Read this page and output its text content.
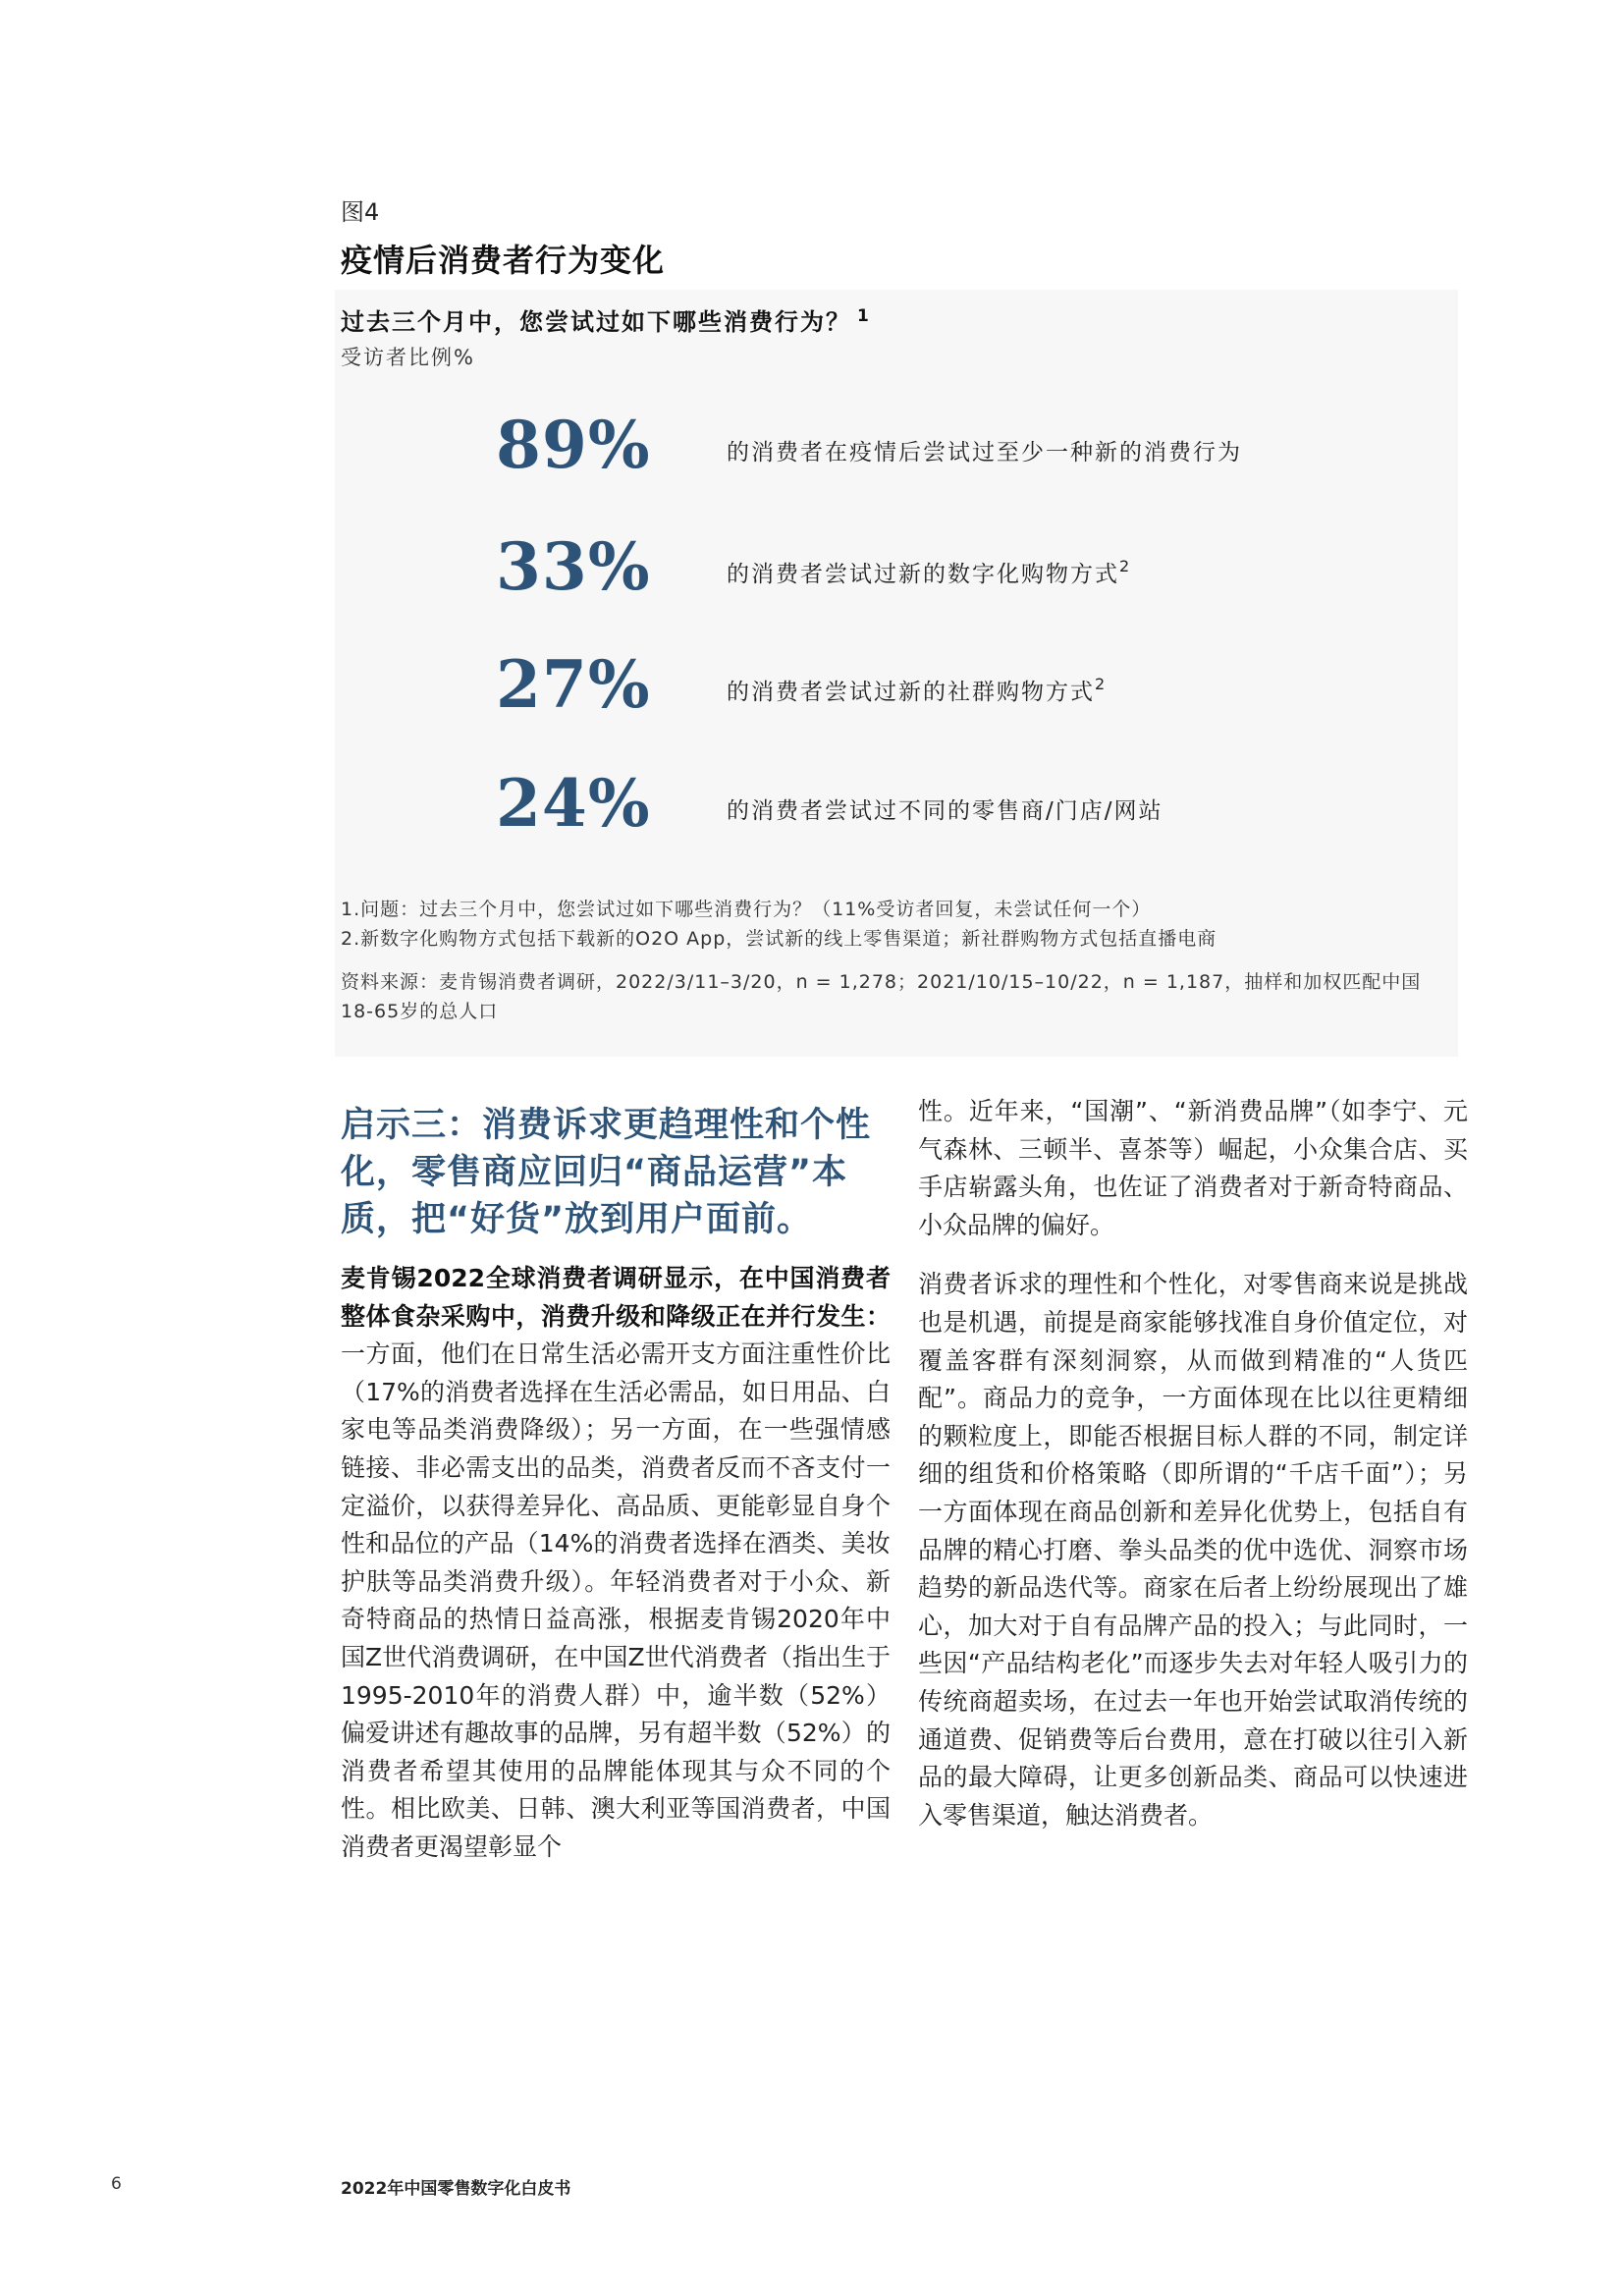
图4
疫情后消费者行为变化
过去三个月中，您尝试过如下哪些消费行为？ $^1$
受访者比例%
89%	的消费者在疫情后尝试过至少一种新的消费行为
33%	的消费者尝试过新的数字化购物方式$^2$
27%	的消费者尝试过新的社群购物方式$^2$
24%	的消费者尝试过不同的零售商/门店/网站
1.问题：过去三个月中，您尝试过如下哪些消费行为？（11%受访者回复，未尝试任何一个）
2.新数字化购物方式包括下载新的O2O App，尝试新的线上零售渠道；新社群购物方式包括直播电商
资料来源：麦肯锡消费者调研，2022/3/11–3/20，n = 1,278；2021/10/15–10/22，n = 1,187，抽样和加权匹配中国
18-65岁的总人口
启示三：消费诉求更趋理性和个性化，零售商应回归“商品运营”本质，把“好货”放到用户面前。

麦肯锡2022全球消费者调研显示，在中国消费者整体食杂采购中，消费升级和降级正在并行发生：一方面，他们在日常生活必需开支方面注重性价比（17%的消费者选择在生活必需品，如日用品、白家电等品类消费降级）；另一方面，在一些强情感链接、非必需支出的品类，消费者反而不吝支付一定溢价，以获得差异化、高品质、更能彰显自身个性和品位的产品（14%的消费者选择在酒类、美妆护肤等品类消费升级）。年轻消费者对于小众、新奇特商品的热情日益高涨，根据麦肯锡2020年中国Z世代消费调研，在中国Z世代消费者（指出生于1995-2010年的消费人群）中，逾半数（52%）偏爱讲述有趣故事的品牌，另有超半数（52%）的消费者希望其使用的品牌能体现其与众不同的个性。相比欧美、日韩、澳大利亚等国消费者，中国消费者更渴望彰显个

性。近年来，“国潮”、“新消费品牌”（如李宁、元气森林、三顿半、喜茶等）崛起，小众集合店、买手店崭露头角，也佐证了消费者对于新奇特商品、小众品牌的偏好。

消费者诉求的理性和个性化，对零售商来说是挑战也是机遇，前提是商家能够找准自身价值定位，对覆盖客群有深刻洞察，从而做到精准的“人货匹配”。商品力的竞争，一方面体现在比以往更精细的颗粒度上，即能否根据目标人群的不同，制定详细的组货和价格策略（即所谓的“千店千面”）；另一方面体现在商品创新和差异化优势上，包括自有品牌的精心打磨、拳头品类的优中选优、洞察市场趋势的新品迭代等。商家在后者上纷纷展现出了雄心，加大对于自有品牌产品的投入；与此同时，一些因“产品结构老化”而逐步失去对年轻人吸引力的传统商超卖场，在过去一年也开始尝试取消传统的通道费、促销费等后台费用，意在打破以往引入新品的最大障碍，让更多创新品类、商品可以快速进入零售渠道，触达消费者。

6	2022年中国零售数字化白皮书
